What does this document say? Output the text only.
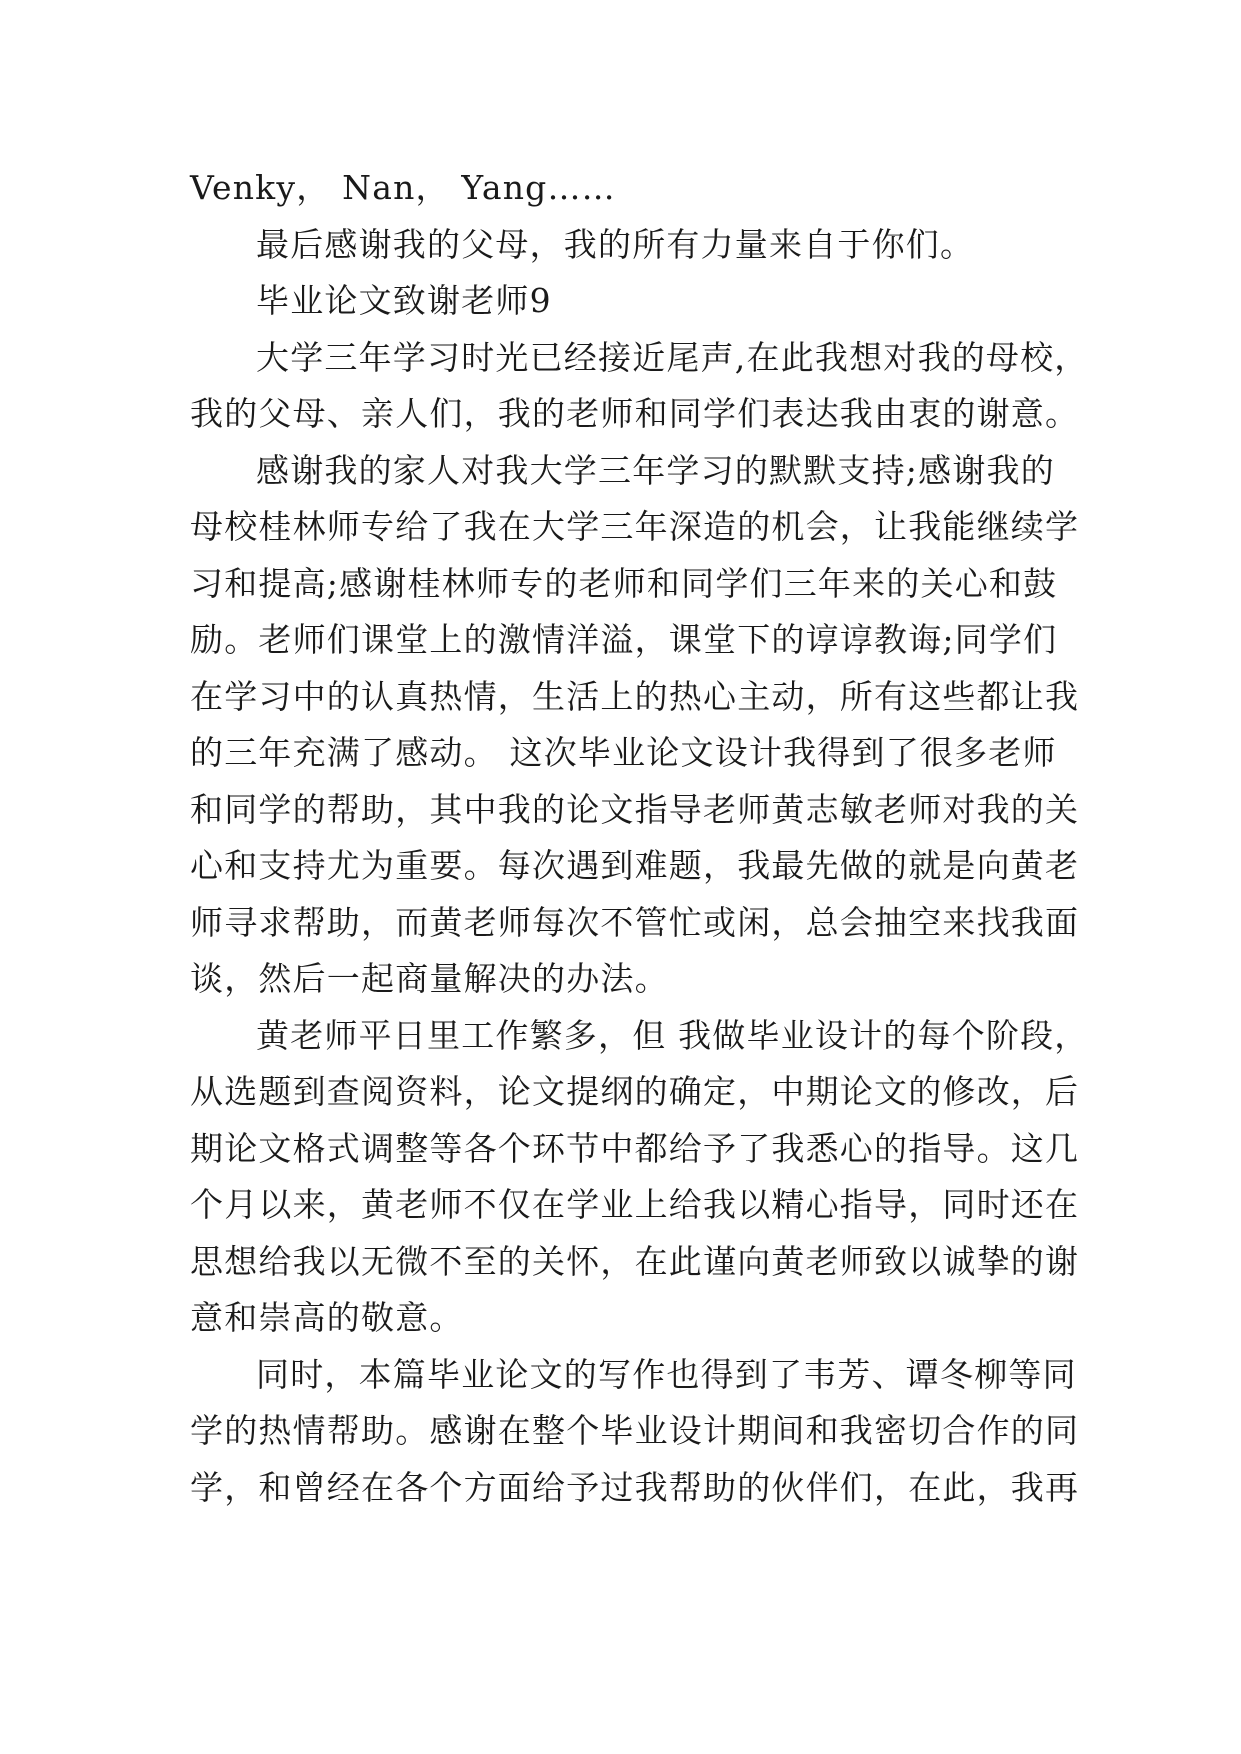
Venky， Nan， Yang……
最后感谢我的父母，我的所有力量来自于你们。
毕业论文致谢老师9
大学三年学习时光已经接近尾声,在此我想对我的母校，
我的父母、亲人们，我的老师和同学们表达我由衷的谢意。
感谢我的家人对我大学三年学习的默默支持;感谢我的
母校桂林师专给了我在大学三年深造的机会，让我能继续学
习和提高;感谢桂林师专的老师和同学们三年来的关心和鼓
励。老师们课堂上的激情洋溢，课堂下的谆谆教诲;同学们
在学习中的认真热情，生活上的热心主动，所有这些都让我
的三年充满了感动。 这次毕业论文设计我得到了很多老师
和同学的帮助，其中我的论文指导老师黄志敏老师对我的关
心和支持尤为重要。每次遇到难题，我最先做的就是向黄老
师寻求帮助，而黄老师每次不管忙或闲，总会抽空来找我面
谈，然后一起商量解决的办法。
黄老师平日里工作繁多，但 我做毕业设计的每个阶段，
从选题到查阅资料，论文提纲的确定，中期论文的修改，后
期论文格式调整等各个环节中都给予了我悉心的指导。这几
个月以来，黄老师不仅在学业上给我以精心指导，同时还在
思想给我以无微不至的关怀，在此谨向黄老师致以诚挚的谢
意和崇高的敬意。
同时，本篇毕业论文的写作也得到了韦芳、谭冬柳等同
学的热情帮助。感谢在整个毕业设计期间和我密切合作的同
学，和曾经在各个方面给予过我帮助的伙伴们，在此，我再
